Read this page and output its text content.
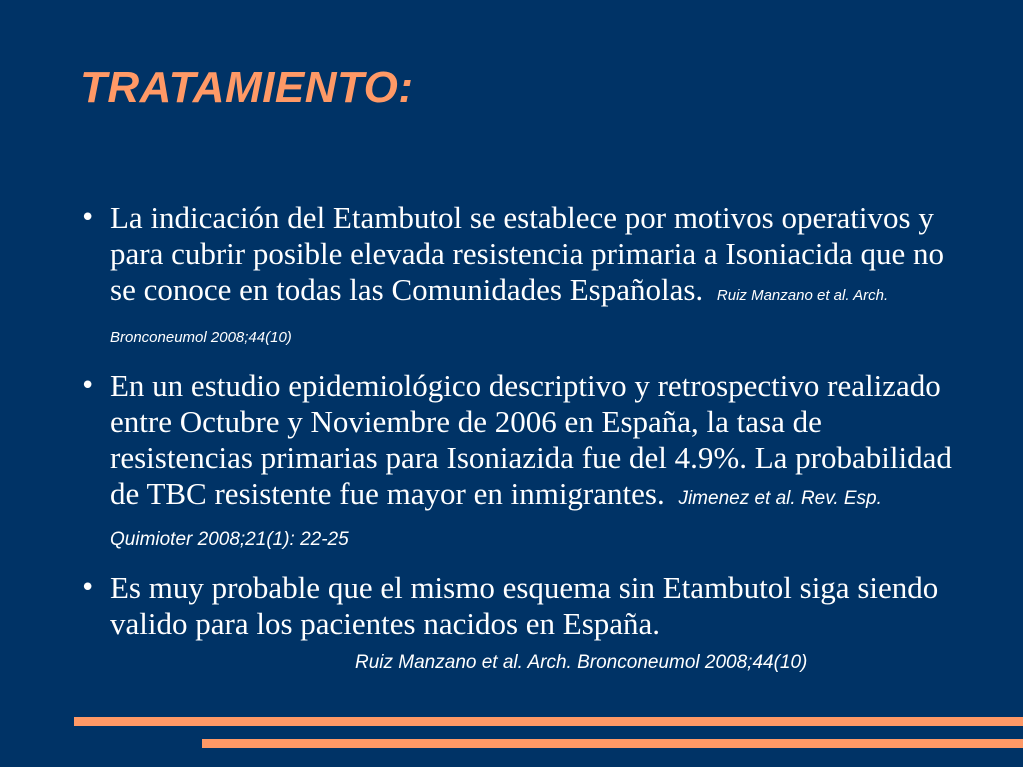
TRATAMIENTO:
• La indicación del Etambutol se establece por motivos operativos y para cubrir posible elevada resistencia primaria a Isoniacida que no se conoce en todas las Comunidades Españolas. Ruiz Manzano et al. Arch. Bronconeumol 2008;44(10)
• En un estudio epidemiológico descriptivo y retrospectivo realizado entre Octubre y Noviembre de 2006 en España, la tasa de resistencias primarias para Isoniazida fue del 4.9%. La probabilidad de TBC resistente fue mayor en inmigrantes. Jimenez et al. Rev. Esp. Quimioter 2008;21(1): 22-25
• Es muy probable que el mismo esquema sin Etambutol siga siendo valido para los pacientes nacidos en España.
Ruiz Manzano et al. Arch. Bronconeumol 2008;44(10)
